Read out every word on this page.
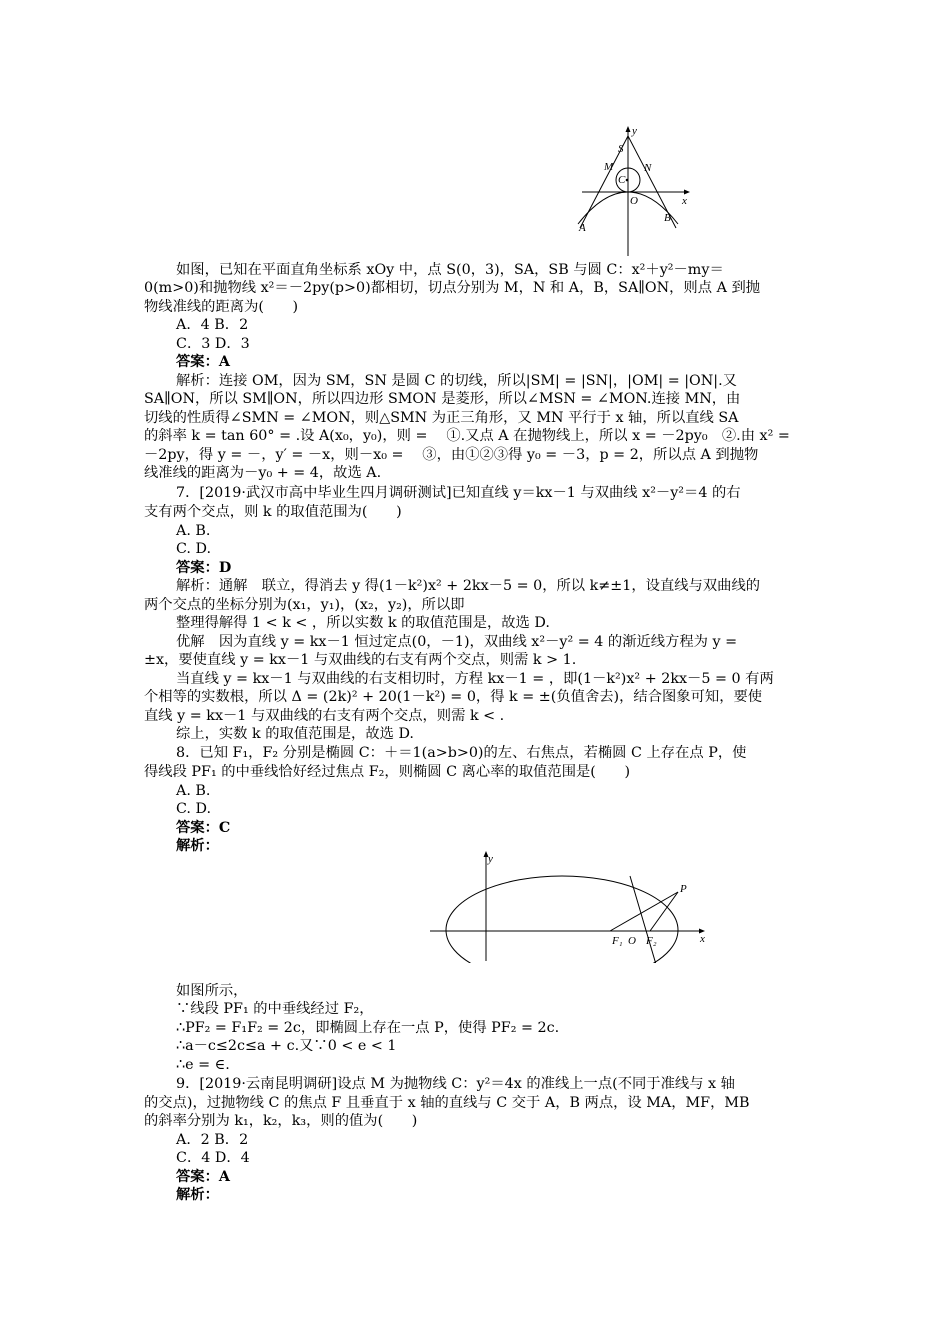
y
x
S
M	N
C
O
A
B
如图，已知在平面直角坐标系 xOy 中，点 S(0，3)，SA，SB 与圆 C：x²＋y²－my＝
0(m>0)和抛物线 x²＝－2py(p>0)都相切，切点分别为 M，N 和 A，B，SA∥ON，则点 A 到抛
物线准线的距离为(　　)
A．4 B．2
C．3 D．3
答案：A
解析：连接 OM，因为 SM，SN 是圆 C 的切线，所以|SM| = |SN|，|OM| = |ON|.又
SA∥ON，所以 SM∥ON，所以四边形 SMON 是菱形，所以∠MSN = ∠MON.连接 MN，由
切线的性质得∠SMN = ∠MON，则△SMN 为正三角形，又 MN 平行于 x 轴，所以直线 SA
的斜率 k = tan 60° = .设 A(x₀，y₀)，则 =　 ①.又点 A 在抛物线上，所以 x = －2py₀　②.由 x² =
－2py，得 y = －，y′ = －x，则－x₀ =　 ③，由①②③得 y₀ = －3，p = 2，所以点 A 到抛物
线准线的距离为－y₀ + = 4，故选 A.
7．[2019·武汉市高中毕业生四月调研测试]已知直线 y＝kx－1 与双曲线 x²－y²＝4 的右
支有两个交点，则 k 的取值范围为(　　)
A. B.
C. D.
答案：D
解析：通解　联立，得消去 y 得(1－k²)x² + 2kx－5 = 0，所以 k≠±1，设直线与双曲线的
两个交点的坐标分别为(x₁，y₁)，(x₂，y₂)，所以即
整理得解得 1 < k < ，所以实数 k 的取值范围是，故选 D.
优解　因为直线 y = kx－1 恒过定点(0，－1)，双曲线 x²－y² = 4 的渐近线方程为 y =
±x，要使直线 y = kx－1 与双曲线的右支有两个交点，则需 k > 1.
当直线 y = kx－1 与双曲线的右支相切时，方程 kx－1 = ，即(1－k²)x² + 2kx－5 = 0 有两
个相等的实数根，所以 Δ = (2k)² + 20(1－k²) = 0，得 k = ±(负值舍去)，结合图象可知，要使
直线 y = kx－1 与双曲线的右支有两个交点，则需 k < .
综上，实数 k 的取值范围是，故选 D.
8．已知 F₁，F₂ 分别是椭圆 C：＋＝1(a>b>0)的左、右焦点，若椭圆 C 上存在点 P，使
得线段 PF₁ 的中垂线恰好经过焦点 F₂，则椭圆 C 离心率的取值范围是(　　)
A. B.
C. D.
答案：C
解析：
y
x
P
F₁ O F₂
如图所示，
∵线段 PF₁ 的中垂线经过 F₂，
∴PF₂ = F₁F₂ = 2c，即椭圆上存在一点 P，使得 PF₂ = 2c.
∴a－c≤2c≤a + c.又∵0 < e < 1
∴e = ∈.
9．[2019·云南昆明调研]设点 M 为抛物线 C：y²＝4x 的准线上一点(不同于准线与 x 轴
的交点)，过抛物线 C 的焦点 F 且垂直于 x 轴的直线与 C 交于 A，B 两点，设 MA，MF，MB
的斜率分别为 k₁，k₂，k₃，则的值为(　　)
A．2 B．2
C．4 D．4
答案：A
解析：
